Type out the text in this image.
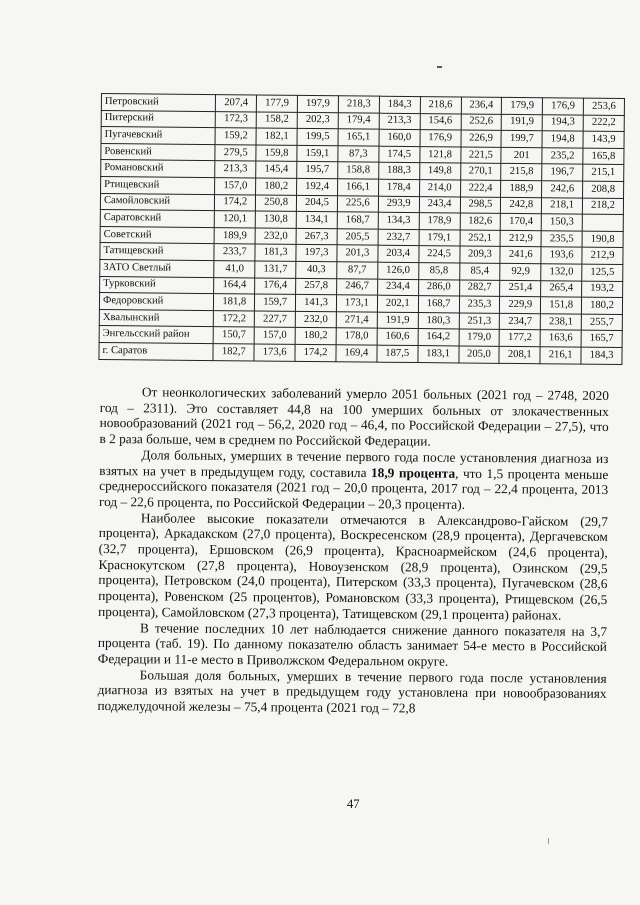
Петровский	207,4	177,9	197,9	218,3	184,3	218,6	236,4	179,9	176,9	253,6
Питерский	172,3	158,2	202,3	179,4	213,3	154,6	252,6	191,9	194,3	222,2
Пугачевский	159,2	182,1	199,5	165,1	160,0	176,9	226,9	199,7	194,8	143,9
Ровенский	279,5	159,8	159,1	87,3	174,5	121,8	221,5	201	235,2	165,8
Романовский	213,3	145,4	195,7	158,8	188,3	149,8	270,1	215,8	196,7	215,1
Ртищевский	157,0	180,2	192,4	166,1	178,4	214,0	222,4	188,9	242,6	208,8
Самойловский	174,2	250,8	204,5	225,6	293,9	243,4	298,5	242,8	218,1	218,2
Саратовский	120,1	130,8	134,1	168,7	134,3	178,9	182,6	170,4	150,3	
Советский	189,9	232,0	267,3	205,5	232,7	179,1	252,1	212,9	235,5	190,8
Татищевский	233,7	181,3	197,3	201,3	203,4	224,5	209,3	241,6	193,6	212,9
ЗАТО Светлый	41,0	131,7	40,3	87,7	126,0	85,8	85,4	92,9	132,0	125,5
Турковский	164,4	176,4	257,8	246,7	234,4	286,0	282,7	251,4	265,4	193,2
Федоровский	181,8	159,7	141,3	173,1	202,1	168,7	235,3	229,9	151,8	180,2
Хвалынский	172,2	227,7	232,0	271,4	191,9	180,3	251,3	234,7	238,1	255,7
Энгельсский район	150,7	157,0	180,2	178,0	160,6	164,2	179,0	177,2	163,6	165,7
г. Саратов	182,7	173,6	174,2	169,4	187,5	183,1	205,0	208,1	216,1	184,3

От неонкологических заболеваний умерло 2051 больных (2021 год – 2748, 2020 год – 2311). Это составляет 44,8 на 100 умерших больных от злокачественных новообразований (2021 год – 56,2, 2020 год – 46,4, по Российской Федерации – 27,5), что в 2 раза больше, чем в среднем по Российской Федерации.

Доля больных, умерших в течение первого года после установления диагноза из взятых на учет в предыдущем году, составила 18,9 процента, что 1,5 процента меньше среднероссийского показателя (2021 год – 20,0 процента, 2017 год – 22,4 процента, 2013 год – 22,6 процента, по Российской Федерации – 20,3 процента).

Наиболее высокие показатели отмечаются в Александрово-Гайском (29,7 процента), Аркадакском (27,0 процента), Воскресенском (28,9 процента), Дергачевском (32,7 процента), Ершовском (26,9 процента), Красноармейском (24,6 процента), Краснокутском (27,8 процента), Новоузенском (28,9 процента), Озинском (29,5 процента), Петровском (24,0 процента), Питерском (33,3 процента), Пугачевском (28,6 процента), Ровенском (25 процентов), Романовском (33,3 процента), Ртищевском (26,5 процента), Самойловском (27,3 процента), Татищевском (29,1 процента) районах.

В течение последних 10 лет наблюдается снижение данного показателя на 3,7 процента (таб. 19). По данному показателю область занимает 54-е место в Российской Федерации и 11-е место в Приволжском Федеральном округе.

Большая доля больных, умерших в течение первого года после установления диагноза из взятых на учет в предыдущем году установлена при новообразованиях поджелудочной железы – 75,4 процента (2021 год – 72,8

47
